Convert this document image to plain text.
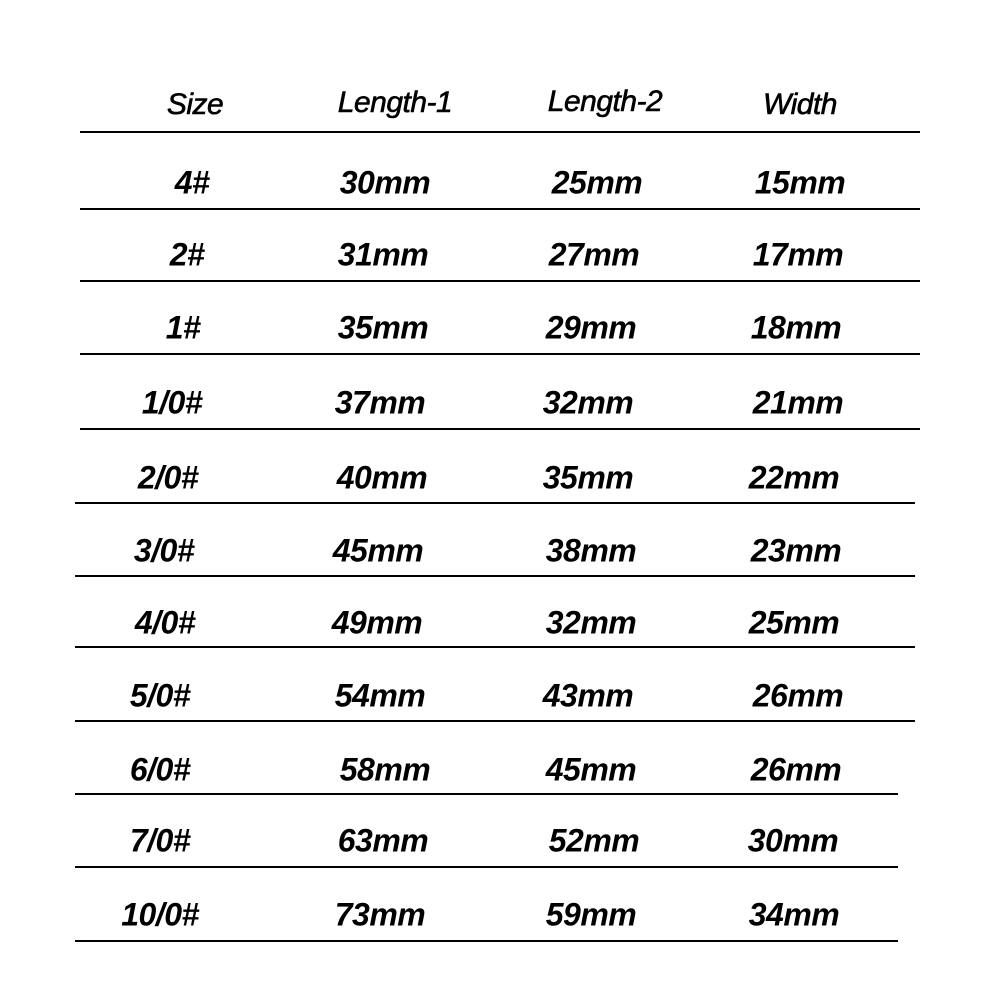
Size	Length-1	Length-2	Width
4#	30mm	25mm	15mm
2#	31mm	27mm	17mm
1#	35mm	29mm	18mm
1/0#	37mm	32mm	21mm
2/0#	40mm	35mm	22mm
3/0#	45mm	38mm	23mm
4/0#	49mm	32mm	25mm
5/0#	54mm	43mm	26mm
6/0#	58mm	45mm	26mm
7/0#	63mm	52mm	30mm
10/0#	73mm	59mm	34mm
